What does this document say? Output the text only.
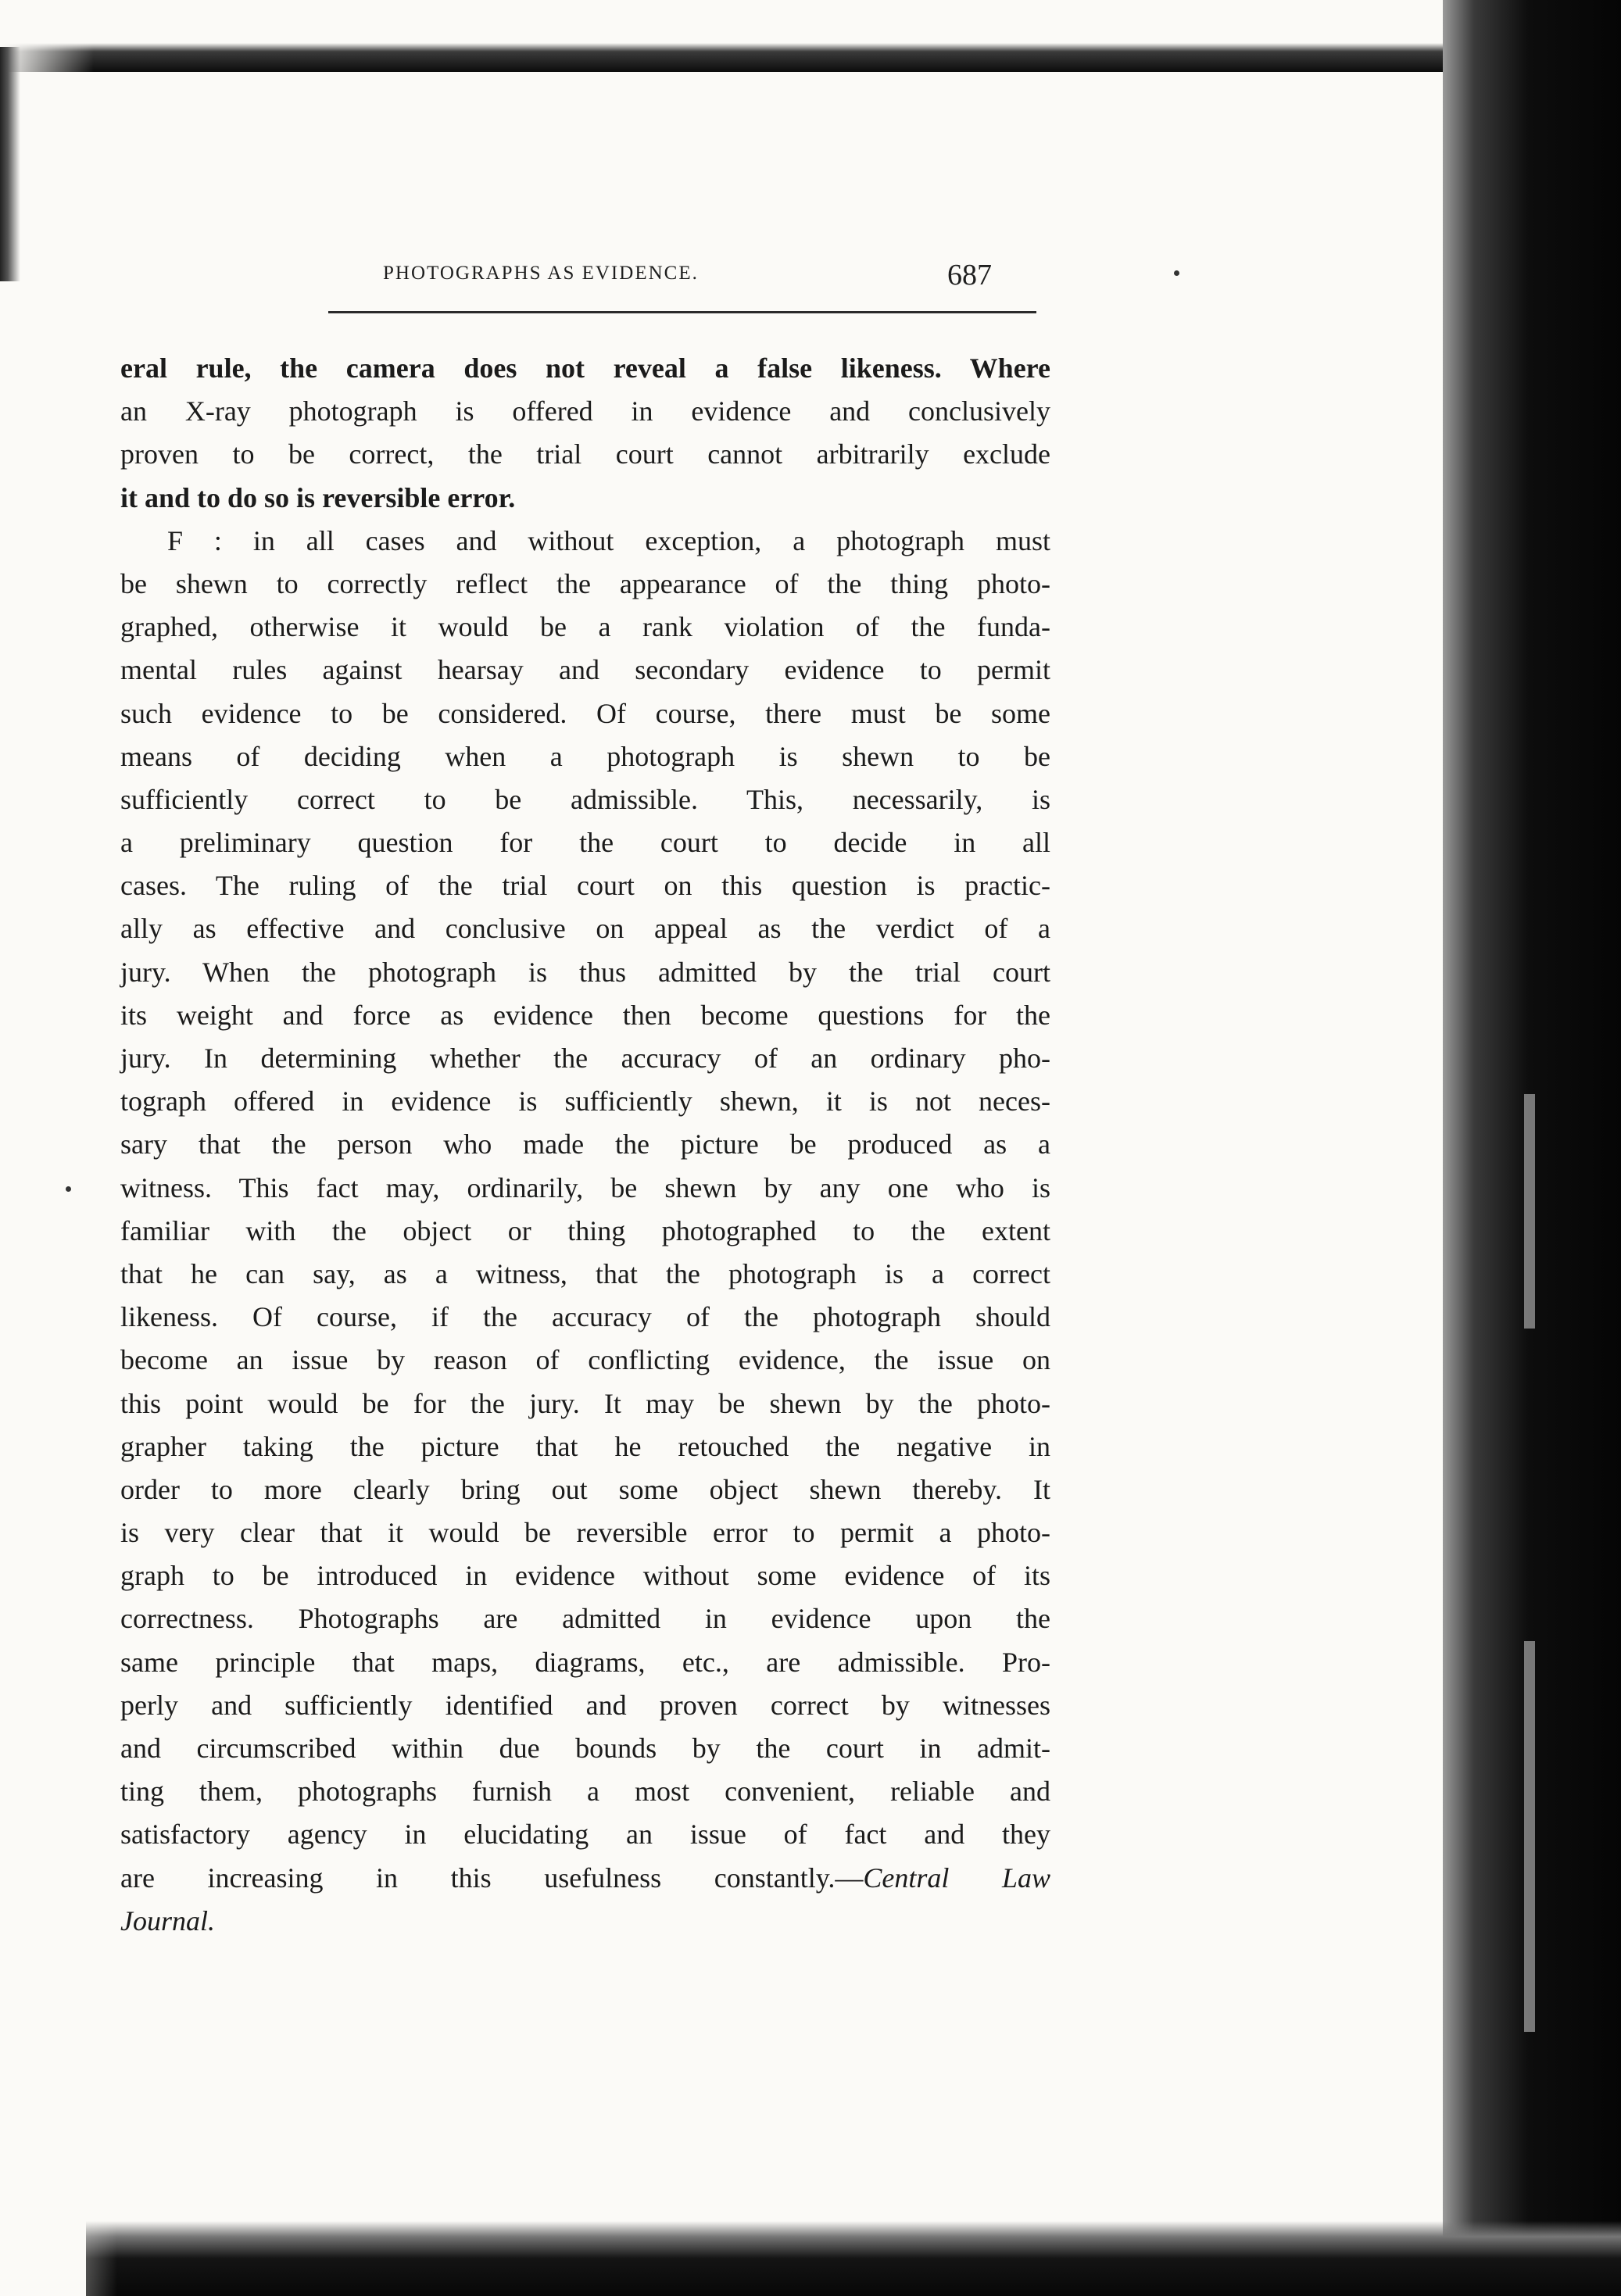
PHOTOGRAPHS AS EVIDENCE.	687
eral rule, the camera does not reveal a false likeness. Where
an X-ray photograph is offered in evidence and conclusively
proven to be correct, the trial court cannot arbitrarily exclude
it and to do so is reversible error.
F : in all cases and without exception, a photograph must
be shewn to correctly reflect the appearance of the thing photo-
graphed, otherwise it would be a rank violation of the funda-
mental rules against hearsay and secondary evidence to permit
such evidence to be considered. Of course, there must be some
means of deciding when a photograph is shewn to be
sufficiently correct to be admissible. This, necessarily, is
a preliminary question for the court to decide in all
cases. The ruling of the trial court on this question is practic-
ally as effective and conclusive on appeal as the verdict of a
jury. When the photograph is thus admitted by the trial court
its weight and force as evidence then become questions for the
jury. In determining whether the accuracy of an ordinary pho-
tograph offered in evidence is sufficiently shewn, it is not neces-
sary that the person who made the picture be produced as a
witness. This fact may, ordinarily, be shewn by any one who is
familiar with the object or thing photographed to the extent
that he can say, as a witness, that the photograph is a correct
likeness. Of course, if the accuracy of the photograph should
become an issue by reason of conflicting evidence, the issue on
this point would be for the jury. It may be shewn by the photo-
grapher taking the picture that he retouched the negative in
order to more clearly bring out some object shewn thereby. It
is very clear that it would be reversible error to permit a photo-
graph to be introduced in evidence without some evidence of its
correctness. Photographs are admitted in evidence upon the
same principle that maps, diagrams, etc., are admissible. Pro-
perly and sufficiently identified and proven correct by witnesses
and circumscribed within due bounds by the court in admit-
ting them, photographs furnish a most convenient, reliable and
satisfactory agency in elucidating an issue of fact and they
are increasing in this usefulness constantly.—Central Law
Journal.
